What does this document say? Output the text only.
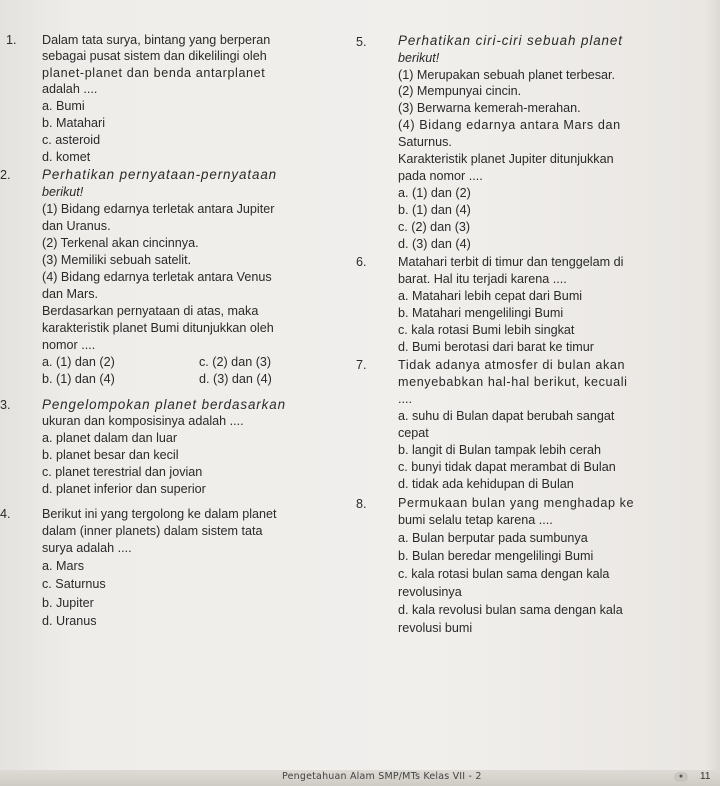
1. Dalam tata surya, bintang yang berperan
sebagai pusat sistem dan dikelilingi oleh
planet-planet dan benda antarplanet
adalah ....
a. Bumi
b. Matahari
c. asteroid
d. komet
2. Perhatikan pernyataan-pernyataan
berikut!
(1) Bidang edarnya terletak antara Jupiter
dan Uranus.
(2) Terkenal akan cincinnya.
(3) Memiliki sebuah satelit.
(4) Bidang edarnya terletak antara Venus
dan Mars.
Berdasarkan pernyataan di atas, maka
karakteristik planet Bumi ditunjukkan oleh
nomor ....
a. (1) dan (2)	c. (2) dan (3)
b. (1) dan (4)	d. (3) dan (4)
3. Pengelompokan planet berdasarkan
ukuran dan komposisinya adalah ....
a. planet dalam dan luar
b. planet besar dan kecil
c. planet terestrial dan jovian
d. planet inferior dan superior
4. Berikut ini yang tergolong ke dalam planet
dalam (inner planets) dalam sistem tata
surya adalah ....
a. Mars
c. Saturnus
b. Jupiter
d. Uranus
5. Perhatikan ciri-ciri sebuah planet
berikut!
(1) Merupakan sebuah planet terbesar.
(2) Mempunyai cincin.
(3) Berwarna kemerah-merahan.
(4) Bidang edarnya antara Mars dan
Saturnus.
Karakteristik planet Jupiter ditunjukkan
pada nomor ....
a. (1) dan (2)
b. (1) dan (4)
c. (2) dan (3)
d. (3) dan (4)
6. Matahari terbit di timur dan tenggelam di
barat. Hal itu terjadi karena ....
a. Matahari lebih cepat dari Bumi
b. Matahari mengelilingi Bumi
c. kala rotasi Bumi lebih singkat
d. Bumi berotasi dari barat ke timur
7. Tidak adanya atmosfer di bulan akan
menyebabkan hal-hal berikut, kecuali
....
a. suhu di Bulan dapat berubah sangat
cepat
b. langit di Bulan tampak lebih cerah
c. bunyi tidak dapat merambat di Bulan
d. tidak ada kehidupan di Bulan
8. Permukaan bulan yang menghadap ke
bumi selalu tetap karena ....
a. Bulan berputar pada sumbunya
b. Bulan beredar mengelilingi Bumi
c. kala rotasi bulan sama dengan kala
revolusinya
d. kala revolusi bulan sama dengan kala
revolusi bumi
Pengetahuan Alam SMP/MTs Kelas VII - 2	●	11
